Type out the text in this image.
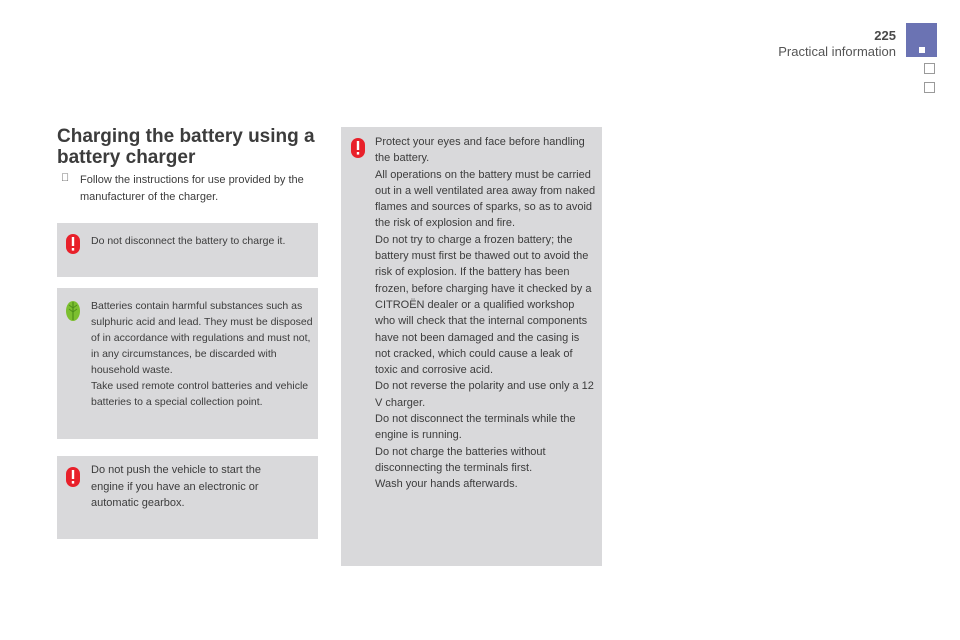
225
Practical information
Charging the battery using a battery charger
Follow the instructions for use provided by the manufacturer of the charger.
Do not disconnect the battery to charge it.
Batteries contain harmful substances such as sulphuric acid and lead. They must be disposed of in accordance with regulations and must not, in any circumstances, be discarded with household waste.
Take used remote control batteries and vehicle batteries to a special collection point.
Do not push the vehicle to start the engine if you have an electronic or automatic gearbox.
Protect your eyes and face before handling the battery.
All operations on the battery must be carried out in a well ventilated area away from naked flames and sources of sparks, so as to avoid the risk of explosion and fire.
Do not try to charge a frozen battery; the battery must first be thawed out to avoid the risk of explosion. If the battery has been frozen, before charging have it checked by a CITROËN dealer or a qualified workshop who will check that the internal components have not been damaged and the casing is not cracked, which could cause a leak of toxic and corrosive acid.
Do not reverse the polarity and use only a 12 V charger.
Do not disconnect the terminals while the engine is running.
Do not charge the batteries without disconnecting the terminals first.
Wash your hands afterwards.
